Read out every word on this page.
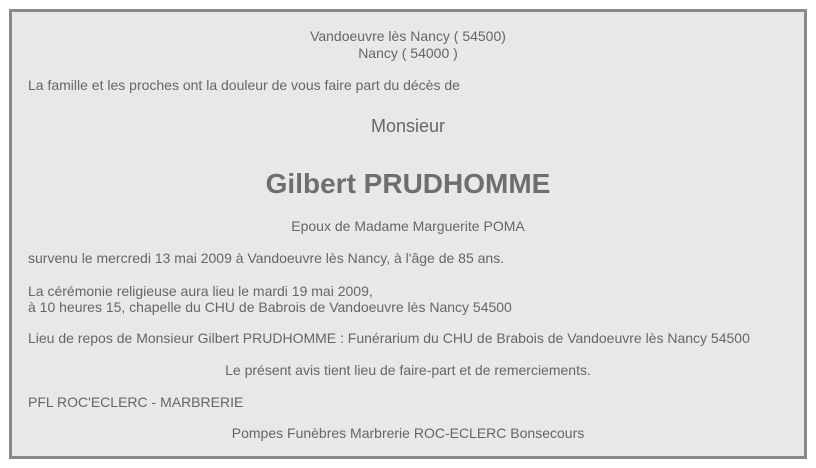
Vandoeuvre lès Nancy ( 54500)
Nancy ( 54000 )
La famille et les proches ont la douleur de vous faire part du décès de
Monsieur
Gilbert PRUDHOMME
Epoux de Madame Marguerite POMA
survenu le mercredi 13 mai 2009 à Vandoeuvre lès Nancy, à l'âge de 85 ans.
La cérémonie religieuse aura lieu le mardi 19 mai 2009,
à 10 heures 15, chapelle du CHU de Babrois de Vandoeuvre lès Nancy 54500
Lieu de repos de Monsieur Gilbert PRUDHOMME : Funérarium du CHU de Brabois de Vandoeuvre lès Nancy 54500
Le présent avis tient lieu de faire-part et de remerciements.
PFL ROC'ECLERC - MARBRERIE
Pompes Funèbres Marbrerie ROC-ECLERC Bonsecours
